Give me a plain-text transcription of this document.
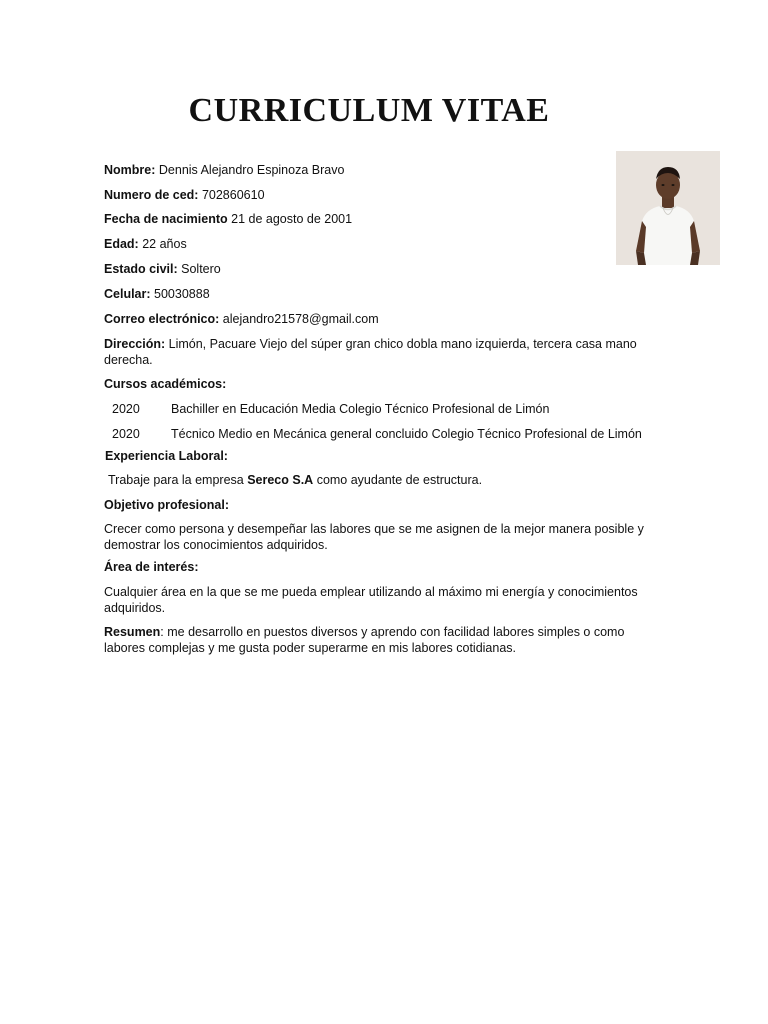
CURRICULUM VITAE
Nombre: Dennis Alejandro Espinoza Bravo
Numero de ced: 702860610
Fecha de nacimiento 21 de agosto de 2001
Edad: 22 años
Estado civil: Soltero
Celular: 50030888
Correo electrónico: alejandro21578@gmail.com
Dirección: Limón, Pacuare Viejo del súper gran chico dobla mano izquierda, tercera casa mano derecha.
Cursos académicos:
2020 Bachiller en Educación Media Colegio Técnico Profesional de Limón
2020 Técnico Medio en Mecánica general concluido Colegio Técnico Profesional de Limón
Experiencia Laboral:
Trabaje para la empresa Sereco S.A como ayudante de estructura.
Objetivo profesional:
Crecer como persona y desempeñar las labores que se me asignen de la mejor manera posible y demostrar los conocimientos adquiridos.
Área de interés:
Cualquier área en la que se me pueda emplear utilizando al máximo mi energía y conocimientos adquiridos.
Resumen: me desarrollo en puestos diversos y aprendo con facilidad labores simples o como labores complejas y me gusta poder superarme en mis labores cotidianas.
